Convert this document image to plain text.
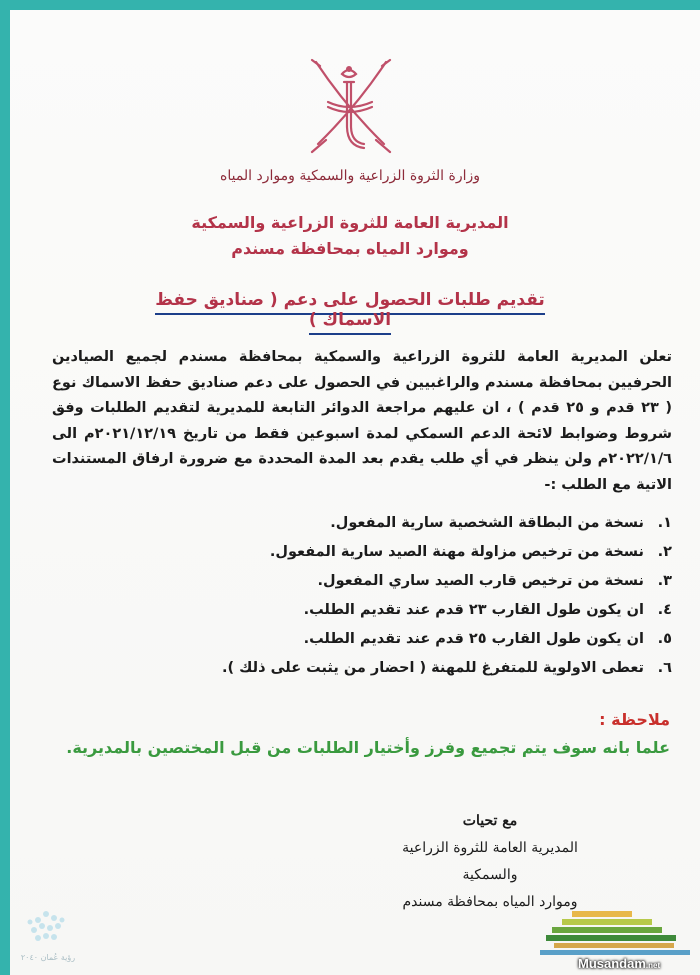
وزارة الثروة الزراعية والسمكية وموارد المياه
المديرية العامة للثروة الزراعية والسمكية
وموارد المياه بمحافظة مسندم
تقديم طلبات الحصول على دعم ( صناديق حفظ الاسماك )
تعلن المديرية العامة للثروة الزراعية والسمكية بمحافظة مسندم لجميع الصيادين الحرفيين بمحافظة مسندم والراغبيين في الحصول على دعم صناديق حفظ الاسماك نوع ( ٢٣ قدم و ٢٥ قدم ) ، ان عليهم مراجعة الدوائر التابعة للمديرية لتقديم الطلبات وفق شروط وضوابط لائحة الدعم السمكي لمدة اسبوعين فقط من تاريخ ٢٠٢١/١٢/١٩م الى ٢٠٢٢/١/٦م ولن ينظر في أي طلب يقدم بعد المدة المحددة مع ضرورة ارفاق المستندات الاتية مع الطلب :-
١.نسخة من البطاقة الشخصية سارية المفعول.
٢.نسخة من ترخيص مزاولة مهنة الصيد سارية المفعول.
٣.نسخة من ترخيص قارب الصيد ساري المفعول.
٤.ان يكون طول القارب ٢٣ قدم عند تقديم الطلب.
٥.ان يكون طول القارب ٢٥ قدم عند تقديم الطلب.
٦.تعطى الاولوية للمتفرغ للمهنة ( احضار من يثبت على ذلك ).
ملاحظة :
علما بانه سوف يتم تجميع وفرز وأختيار الطلبات من قبل المختصين بالمديرية.
مع تحيات
المديرية العامة للثروة الزراعية والسمكية
وموارد المياه بمحافظة مسندم
رؤية عُمان ٢٠٤٠	Musandam.net
